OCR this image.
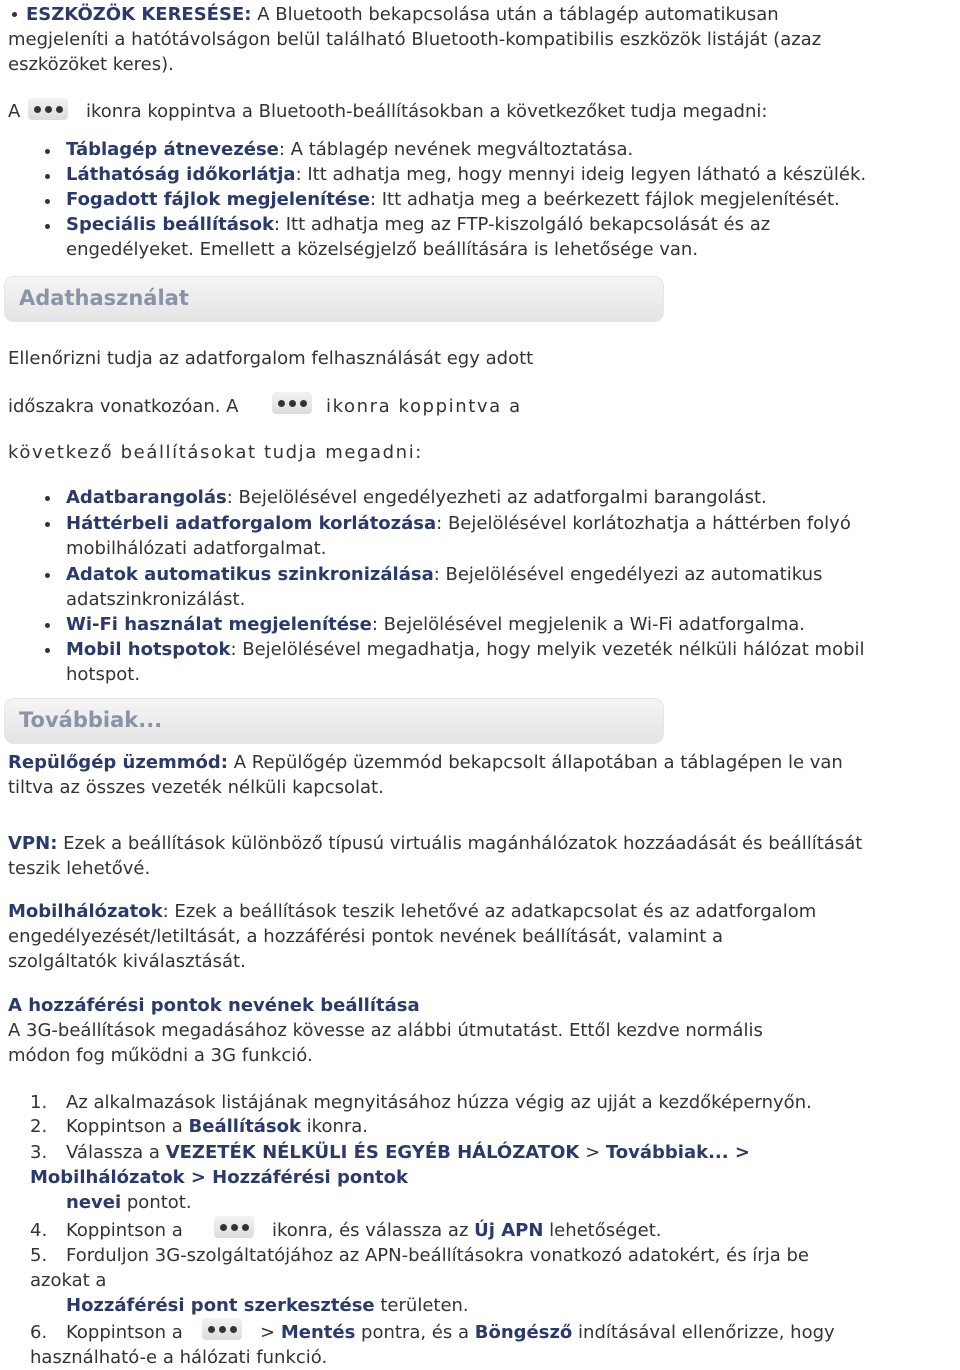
ESZKÖZÖK KERESÉSE: A Bluetooth bekapcsolása után a táblagép automatikusan
megjeleníti a hatótávolságon belül található Bluetooth-kompatibilis eszközök listáját (azaz
eszközöket keres).
A	ikonra koppintva a Bluetooth-beállításokban a következőket tudja megadni:
Táblagép átnevezése: A táblagép nevének megváltoztatása.
Láthatóság időkorlátja: Itt adhatja meg, hogy mennyi ideig legyen látható a készülék.
Fogadott fájlok megjelenítése: Itt adhatja meg a beérkezett fájlok megjelenítését.
Speciális beállítások: Itt adhatja meg az FTP-kiszolgáló bekapcsolását és az
engedélyeket. Emellett a közelségjelző beállítására is lehetősége van.
Adathasználat
Ellenőrizni tudja az adatforgalom felhasználását egy adott
időszakra vonatkozóan. A	ikonra koppintva a
következő beállításokat tudja megadni:
Adatbarangolás: Bejelölésével engedélyezheti az adatforgalmi barangolást.
Háttérbeli adatforgalom korlátozása: Bejelölésével korlátozhatja a háttérben folyó
mobilhálózati adatforgalmat.
Adatok automatikus szinkronizálása: Bejelölésével engedélyezi az automatikus
adatszinkronizálást.
Wi-Fi használat megjelenítése: Bejelölésével megjelenik a Wi-Fi adatforgalma.
Mobil hotspotok: Bejelölésével megadhatja, hogy melyik vezeték nélküli hálózat mobil
hotspot.
Továbbiak...
Repülőgép üzemmód: A Repülőgép üzemmód bekapcsolt állapotában a táblagépen le van
tiltva az összes vezeték nélküli kapcsolat.
VPN: Ezek a beállítások különböző típusú virtuális magánhálózatok hozzáadását és beállítását
teszik lehetővé.
Mobilhálózatok: Ezek a beállítások teszik lehetővé az adatkapcsolat és az adatforgalom
engedélyezését/letiltását, a hozzáférési pontok nevének beállítását, valamint a
szolgáltatók kiválasztását.
A hozzáférési pontok nevének beállítása
A 3G-beállítások megadásához kövesse az alábbi útmutatást. Ettől kezdve normális
módon fog működni a 3G funkció.
1. Az alkalmazások listájának megnyitásához húzza végig az ujját a kezdőképernyőn.
2. Koppintson a Beállítások ikonra.
3. Válassza a VEZETÉK NÉLKÜLI ÉS EGYÉB HÁLÓZATOK > Továbbiak... >
Mobilhálózatok > Hozzáférési pontok
nevei pontot.
4. Koppintson a	ikonra, és válassza az Új APN lehetőséget.
5. Forduljon 3G-szolgáltatójához az APN-beállításokra vonatkozó adatokért, és írja be
azokat a
Hozzáférési pont szerkesztése területen.
6. Koppintson a	> Mentés pontra, és a Böngésző indításával ellenőrizze, hogy
használható-e a hálózati funkció.
